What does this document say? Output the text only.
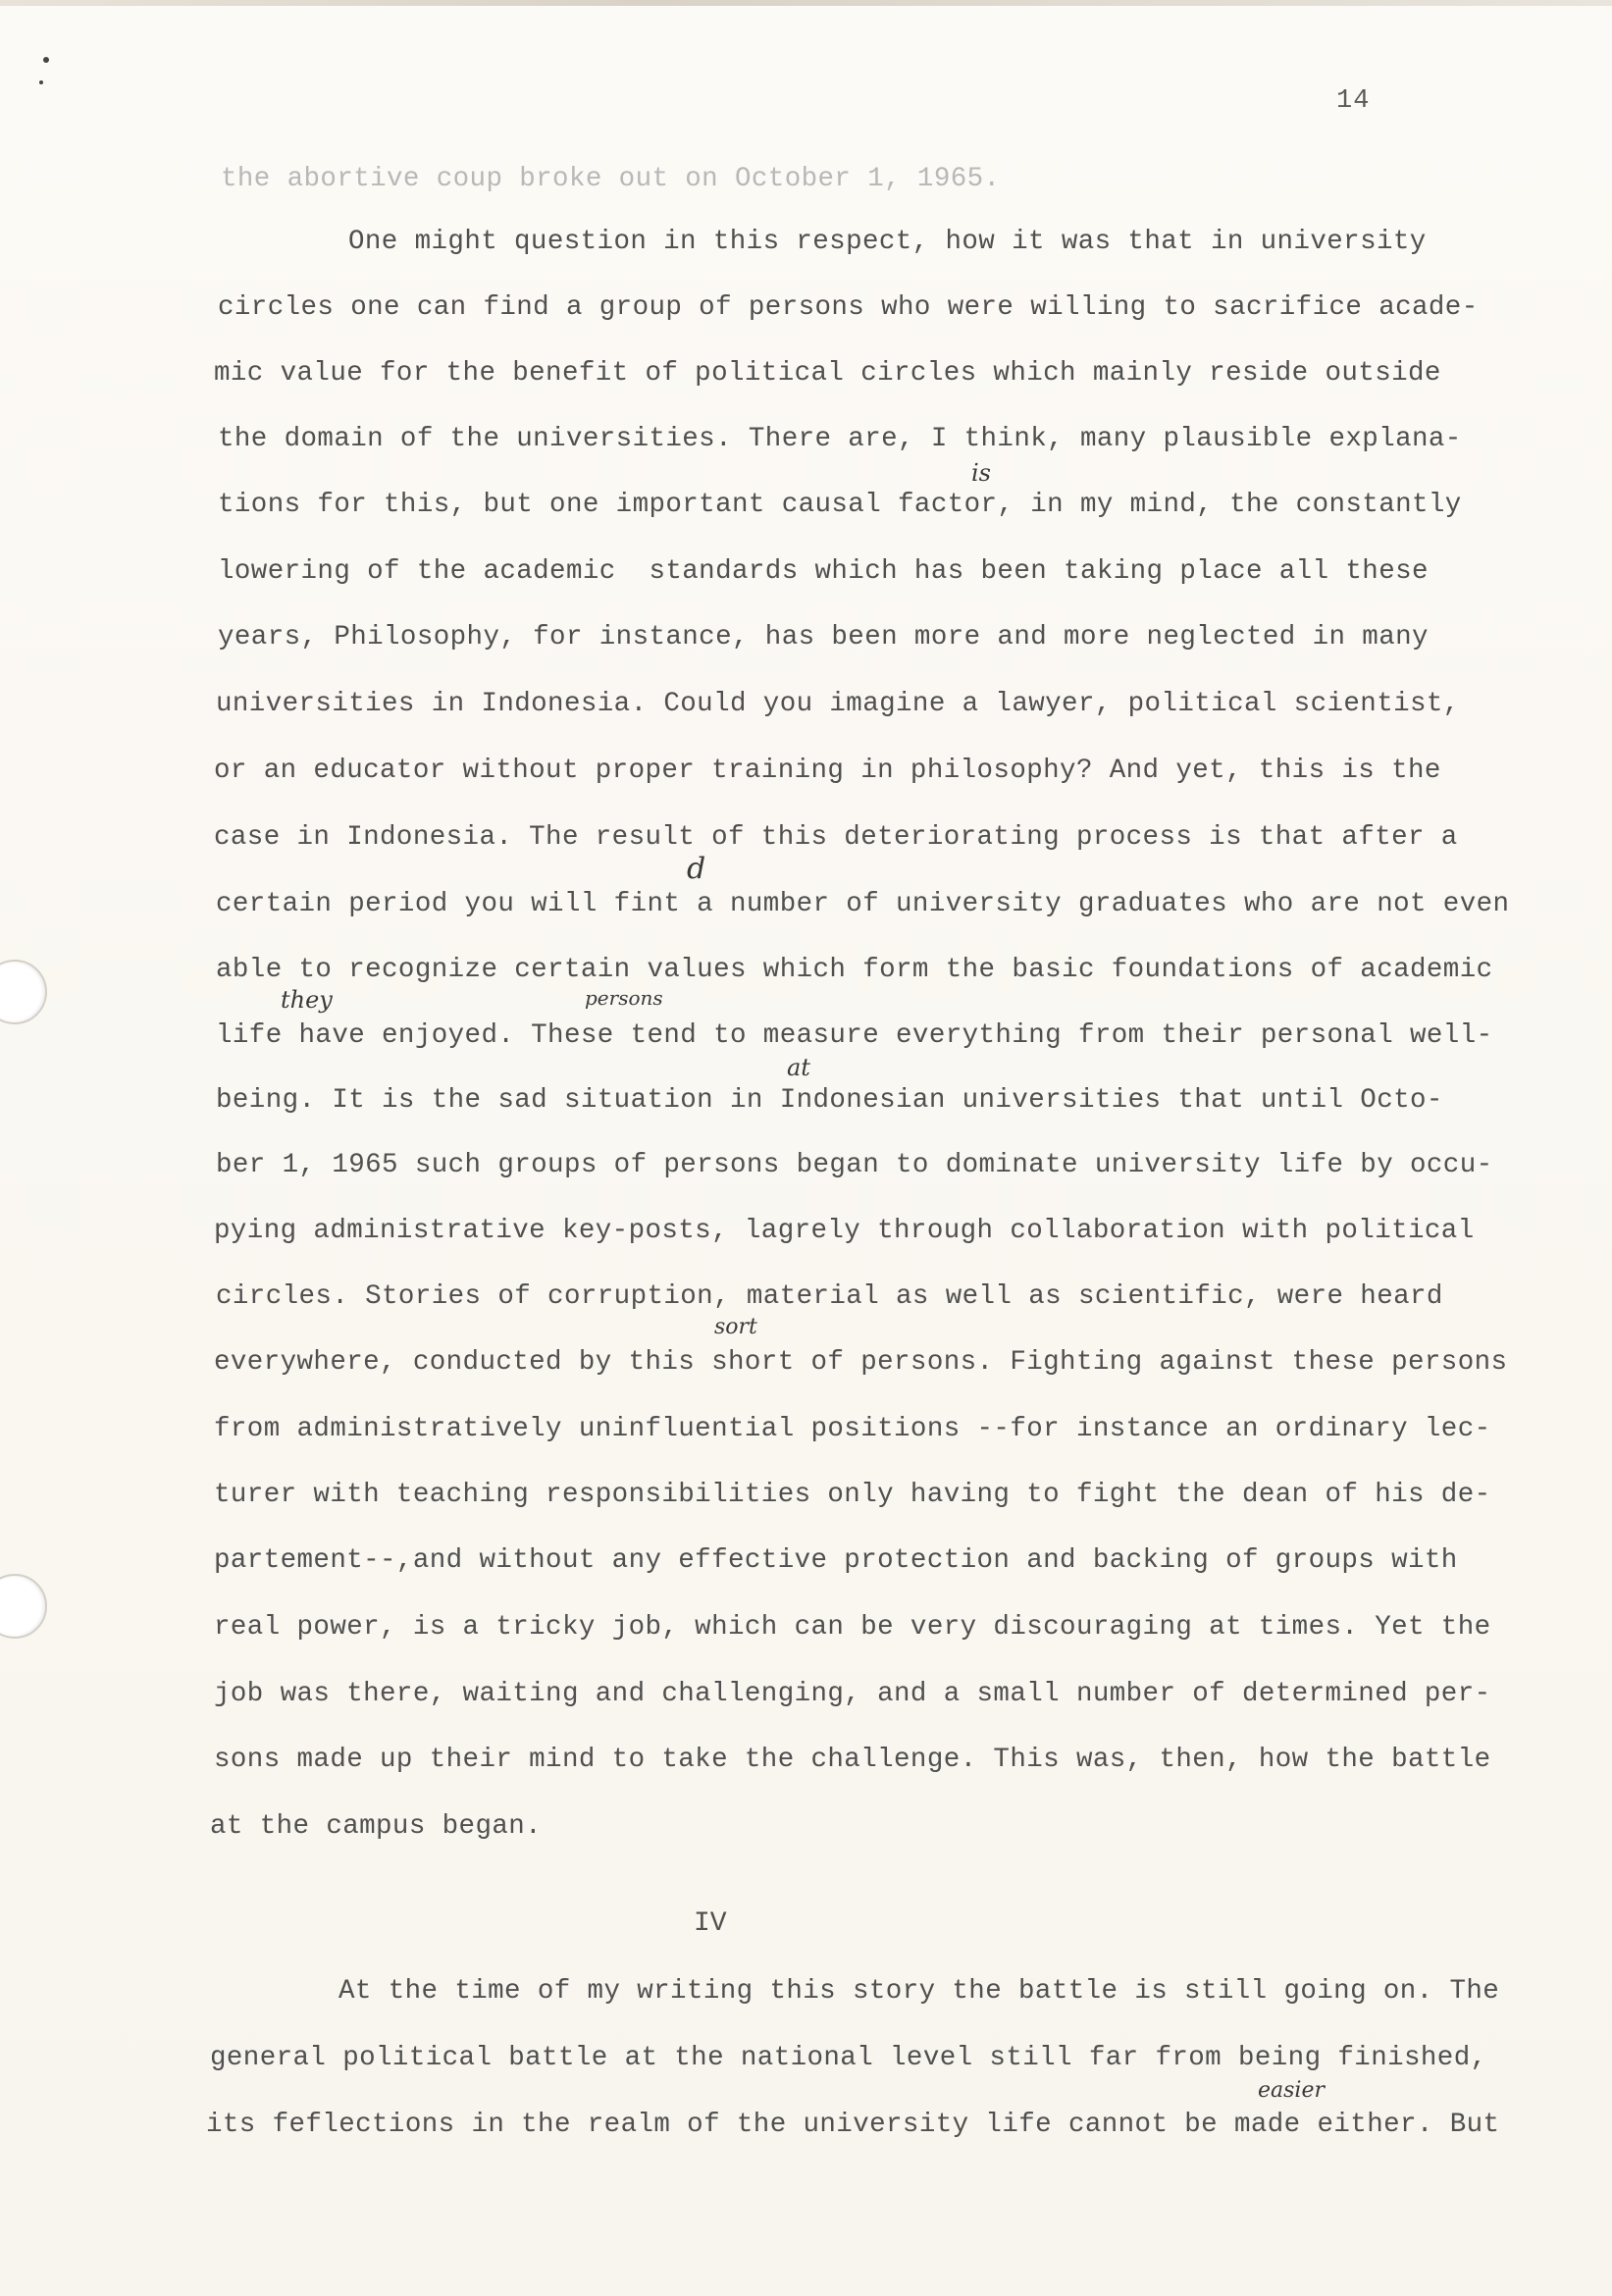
14
the abortive coup broke out on October 1, 1965.
One might question in this respect, how it was that in university
circles one can find a group of persons who were willing to sacrifice acade-
mic value for the benefit of political circles which mainly reside outside
the domain of the universities. There are, I think, many plausible explana-
tions for this, but one important causal factor, in my mind, the constantly
lowering of the academic  standards which has been taking place all these
years, Philosophy, for instance, has been more and more neglected in many
universities in Indonesia. Could you imagine a lawyer, political scientist,
or an educator without proper training in philosophy? And yet, this is the
case in Indonesia. The result of this deteriorating process is that after a
certain period you will fint a number of university graduates who are not even
able to recognize certain values which form the basic foundations of academic
life have enjoyed. These tend to measure everything from their personal well-
being. It is the sad situation in Indonesian universities that until Octo-
ber 1, 1965 such groups of persons began to dominate university life by occu-
pying administrative key-posts, lagrely through collaboration with political
circles. Stories of corruption, material as well as scientific, were heard
everywhere, conducted by this short of persons. Fighting against these persons
from administratively uninfluential positions --for instance an ordinary lec-
turer with teaching responsibilities only having to fight the dean of his de-
partement--,and without any effective protection and backing of groups with
real power, is a tricky job, which can be very discouraging at times. Yet the
job was there, waiting and challenging, and a small number of determined per-
sons made up their mind to take the challenge. This was, then, how the battle
at the campus began.
IV
At the time of my writing this story the battle is still going on. The
general political battle at the national level still far from being finished,
its feflections in the realm of the university life cannot be made either. But
is
d
they	persons
at
sort
easier
